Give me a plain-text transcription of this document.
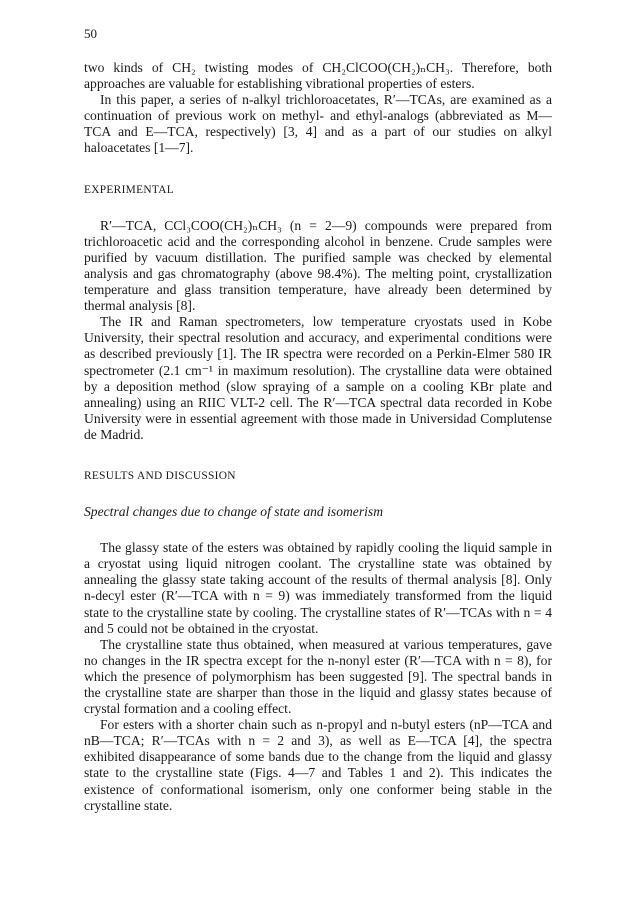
50

two kinds of CH₂ twisting modes of CH₂ClCOO(CH₂)ₙCH₃. Therefore, both approaches are valuable for establishing vibrational properties of esters.

In this paper, a series of n-alkyl trichloroacetates, R′—TCAs, are examined as a continuation of previous work on methyl- and ethyl-analogs (abbreviated as M—TCA and E—TCA, respectively) [3, 4] and as a part of our studies on alkyl haloacetates [1—7].

EXPERIMENTAL

R′—TCA, CCl₃COO(CH₂)ₙCH₃ (n = 2—9) compounds were prepared from trichloroacetic acid and the corresponding alcohol in benzene. Crude samples were purified by vacuum distillation. The purified sample was checked by elemental analysis and gas chromatography (above 98.4%). The melting point, crystallization temperature and glass transition temperature, have already been determined by thermal analysis [8].

The IR and Raman spectrometers, low temperature cryostats used in Kobe University, their spectral resolution and accuracy, and experimental conditions were as described previously [1]. The IR spectra were recorded on a Perkin-Elmer 580 IR spectrometer (2.1 cm⁻¹ in maximum resolution). The crystalline data were obtained by a deposition method (slow spraying of a sample on a cooling KBr plate and annealing) using an RIIC VLT-2 cell. The R′—TCA spectral data recorded in Kobe University were in essential agreement with those made in Universidad Complutense de Madrid.

RESULTS AND DISCUSSION

Spectral changes due to change of state and isomerism

The glassy state of the esters was obtained by rapidly cooling the liquid sample in a cryostat using liquid nitrogen coolant. The crystalline state was obtained by annealing the glassy state taking account of the results of thermal analysis [8]. Only n-decyl ester (R′—TCA with n = 9) was immediately transformed from the liquid state to the crystalline state by cooling. The crystalline states of R′—TCAs with n = 4 and 5 could not be obtained in the cryostat.

The crystalline state thus obtained, when measured at various temperatures, gave no changes in the IR spectra except for the n-nonyl ester (R′—TCA with n = 8), for which the presence of polymorphism has been suggested [9]. The spectral bands in the crystalline state are sharper than those in the liquid and glassy states because of crystal formation and a cooling effect.

For esters with a shorter chain such as n-propyl and n-butyl esters (nP—TCA and nB—TCA; R′—TCAs with n = 2 and 3), as well as E—TCA [4], the spectra exhibited disappearance of some bands due to the change from the liquid and glassy state to the crystalline state (Figs. 4—7 and Tables 1 and 2). This indicates the existence of conformational isomerism, only one conformer being stable in the crystalline state.
